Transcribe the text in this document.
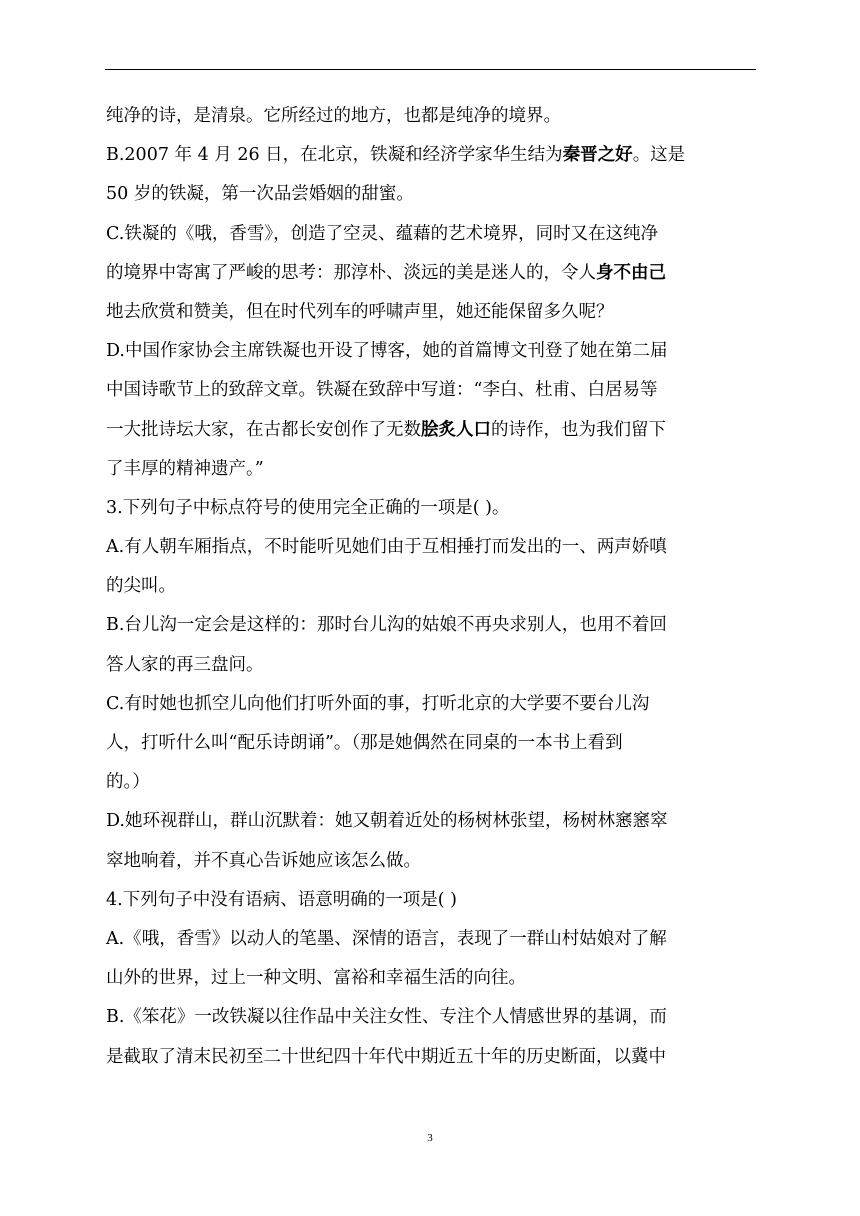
纯净的诗，是清泉。它所经过的地方，也都是纯净的境界。
B.2007 年 4 月 26 日，在北京，铁凝和经济学家华生结为秦晋之好。这是
50 岁的铁凝，第一次品尝婚姻的甜蜜。
C.铁凝的《哦，香雪》，创造了空灵、蕴藉的艺术境界，同时又在这纯净
的境界中寄寓了严峻的思考：那淳朴、淡远的美是迷人的，令人身不由己
地去欣赏和赞美，但在时代列车的呼啸声里，她还能保留多久呢？
D.中国作家协会主席铁凝也开设了博客，她的首篇博文刊登了她在第二届
中国诗歌节上的致辞文章。铁凝在致辞中写道：“李白、杜甫、白居易等
一大批诗坛大家，在古都长安创作了无数脍炙人口的诗作，也为我们留下
了丰厚的精神遗产。”
3.下列句子中标点符号的使用完全正确的一项是( )。
A.有人朝车厢指点，不时能听见她们由于互相捶打而发出的一、两声娇嗔
的尖叫。
B.台儿沟一定会是这样的：那时台儿沟的姑娘不再央求别人，也用不着回
答人家的再三盘问。
C.有时她也抓空儿向他们打听外面的事，打听北京的大学要不要台儿沟
人，打听什么叫“配乐诗朗诵”。（那是她偶然在同桌的一本书上看到
的。）
D.她环视群山，群山沉默着：她又朝着近处的杨树林张望，杨树林窸窸窣
窣地响着，并不真心告诉她应该怎么做。
4.下列句子中没有语病、语意明确的一项是( )
A.《哦，香雪》以动人的笔墨、深情的语言，表现了一群山村姑娘对了解
山外的世界，过上一种文明、富裕和幸福生活的向往。
B.《笨花》一改铁凝以往作品中关注女性、专注个人情感世界的基调，而
是截取了清末民初至二十世纪四十年代中期近五十年的历史断面，以冀中
3
